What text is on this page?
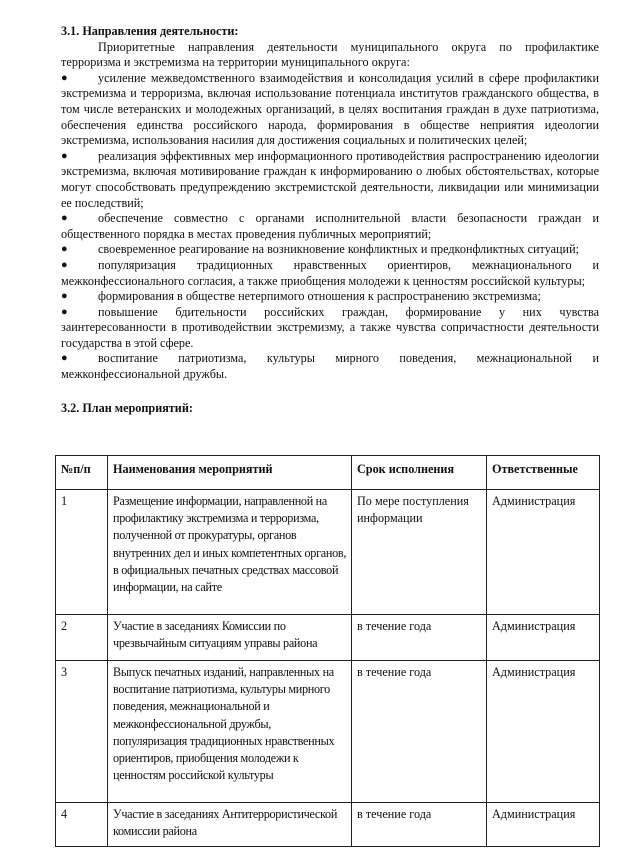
3.1. Направления деятельности:
Приоритетные направления деятельности муниципального округа по профилактике терроризма и экстремизма на территории муниципального округа:
● усиление межведомственного взаимодействия и консолидация усилий в сфере профилактики экстремизма и терроризма, включая использование потенциала институтов гражданского общества, в том числе ветеранских и молодежных организаций, в целях воспитания граждан в духе патриотизма, обеспечения единства российского народа, формирования в обществе неприятия идеологии экстремизма, использования насилия для достижения социальных и политических целей;
● реализация эффективных мер информационного противодействия распространению идеологии экстремизма, включая мотивирование граждан к информированию о любых обстоятельствах, которые могут способствовать предупреждению экстремистской деятельности, ликвидации или минимизации ее последствий;
● обеспечение совместно с органами исполнительной власти безопасности граждан и общественного порядка в местах проведения публичных мероприятий;
● своевременное реагирование на возникновение конфликтных и предконфликтных ситуаций;
● популяризация традиционных нравственных ориентиров, межнационального и межконфессионального согласия, а также приобщения молодежи к ценностям российской культуры;
● формирования в обществе нетерпимого отношения к распространению экстремизма;
● повышение бдительности российских граждан, формирование у них чувства заинтересованности в противодействии экстремизму, а также чувства сопричастности деятельности государства в этой сфере.
● воспитание патриотизма, культуры мирного поведения, межнациональной и межконфессиональной дружбы.
3.2. План мероприятий:
№п/п	Наименования мероприятий	Срок исполнения	Ответственные
1	Размещение информации, направленной на профилактику экстремизма и терроризма, полученной от прокуратуры, органов внутренних дел и иных компетентных органов, в официальных печатных средствах массовой информации, на сайте	По мере поступления информации	Администрация
2	Участие в заседаниях Комиссии по чрезвычайным ситуациям управы района	в течение года	Администрация
3	Выпуск печатных изданий, направленных на воспитание патриотизма, культуры мирного поведения, межнациональной и межконфессиональной дружбы, популяризация традиционных нравственных ориентиров, приобщения молодежи к ценностям российской культуры	в течение года	Администрация
4	Участие в заседаниях Антитеррористической комиссии района	в течение года	Администрация
